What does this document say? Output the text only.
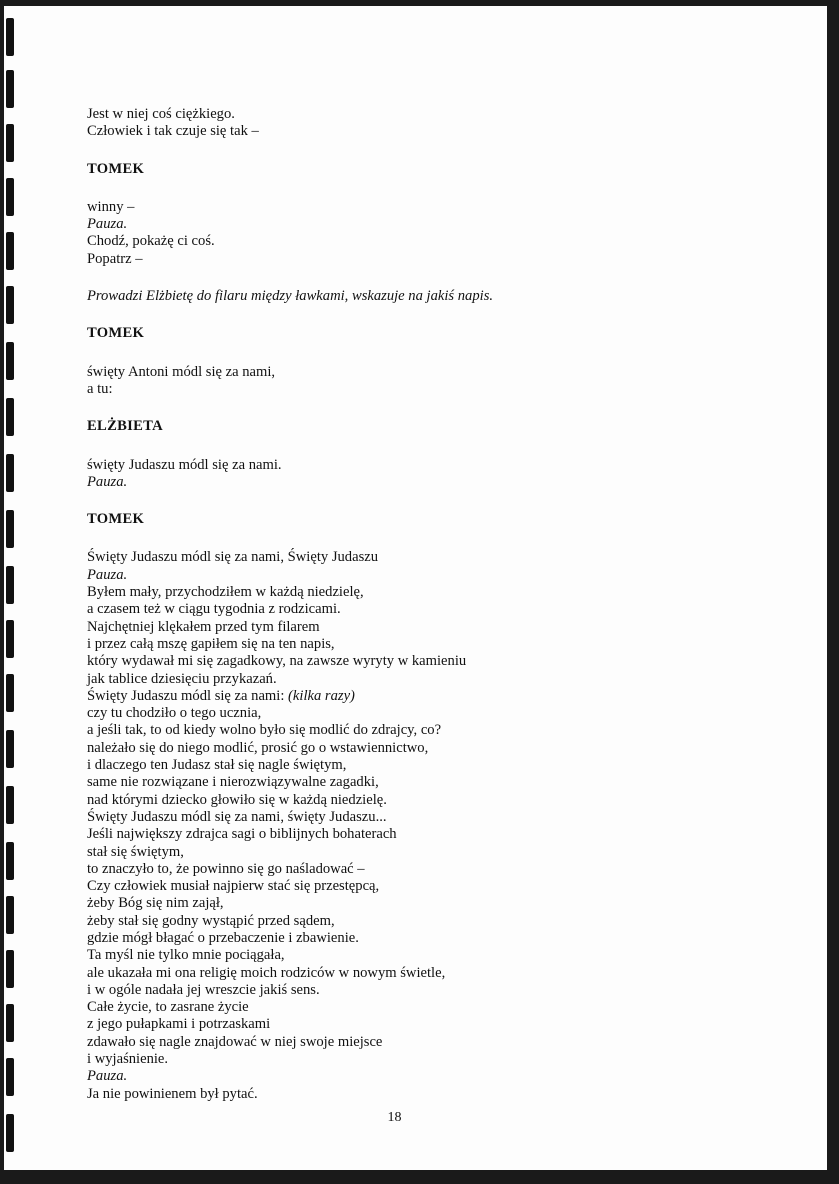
Jest w niej coś ciężkiego.
Człowiek i tak czuje się tak –
TOMEK
winny –
Pauza.
Chodź, pokażę ci coś.
Popatrz –
Prowadzi Elżbietę do filaru między ławkami, wskazuje na jakiś napis.
TOMEK
święty Antoni módl się za nami,
a tu:
ELŻBIETA
święty Judaszu módl się za nami.
Pauza.
TOMEK
Święty Judaszu módl się za nami, Święty Judaszu
Pauza.
Byłem mały, przychodziłem w każdą niedzielę,
a czasem też w ciągu tygodnia z rodzicami.
Najchętniej klękałem przed tym filarem
i przez całą mszę gapiłem się na ten napis,
który wydawał mi się zagadkowy, na zawsze wyryty w kamieniu
jak tablice dziesięciu przykazań.
Święty Judaszu módl się za nami: (kilka razy)
czy tu chodziło o tego ucznia,
a jeśli tak, to od kiedy wolno było się modlić do zdrajcy, co?
należało się do niego modlić, prosić go o wstawiennictwo,
i dlaczego ten Judasz stał się nagle świętym,
same nie rozwiązane i nierozwiązywalne zagadki,
nad którymi dziecko głowiło się w każdą niedzielę.
Święty Judaszu módl się za nami, święty Judaszu...
Jeśli największy zdrajca sagi o biblijnych bohaterach
stał się świętym,
to znaczyło to, że powinno się go naśladować –
Czy człowiek musiał najpierw stać się przestępcą,
żeby Bóg się nim zajął,
żeby stał się godny wystąpić przed sądem,
gdzie mógł błagać o przebaczenie i zbawienie.
Ta myśl nie tylko mnie pociągała,
ale ukazała mi ona religię moich rodziców w nowym świetle,
i w ogóle nadała jej wreszcie jakiś sens.
Całe życie, to zasrane życie
z jego pułapkami i potrzaskami
zdawało się nagle znajdować w niej swoje miejsce
i wyjaśnienie.
Pauza.
Ja nie powinienem był pytać.
18
